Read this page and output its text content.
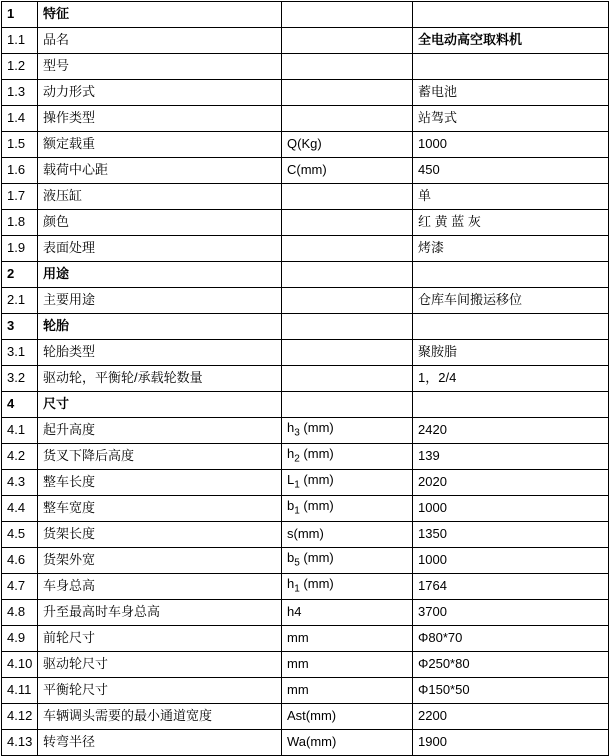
1	特征		
1.1	品名		全电动高空取料机
1.2	型号		
1.3	动力形式		蓄电池
1.4	操作类型		站驾式
1.5	额定载重	Q(Kg)	1000
1.6	载荷中心距	C(mm)	450
1.7	液压缸		单
1.8	颜色		红 黄 蓝 灰
1.9	表面处理		烤漆
2	用途		
2.1	主要用途		仓库车间搬运移位
3	轮胎		
3.1	轮胎类型		聚胺脂
3.2	驱动轮，平衡轮/承载轮数量		1，2/4
4	尺寸		
4.1	起升高度	$h_3$ (mm)	2420
4.2	货叉下降后高度	$h_2$ (mm)	139
4.3	整车长度	$L_1$ (mm)	2020
4.4	整车宽度	$b_1$ (mm)	1000
4.5	货架长度	s(mm)	1350
4.6	货架外宽	$b_5$ (mm)	1000
4.7	车身总高	$h_1$ (mm)	1764
4.8	升至最高时车身总高	h4	3700
4.9	前轮尺寸	mm	Φ80*70
4.10	驱动轮尺寸	mm	Φ250*80
4.11	平衡轮尺寸	mm	Φ150*50
4.12	车辆调头需要的最小通道宽度	Ast(mm)	2200
4.13	转弯半径	Wa(mm)	1900
